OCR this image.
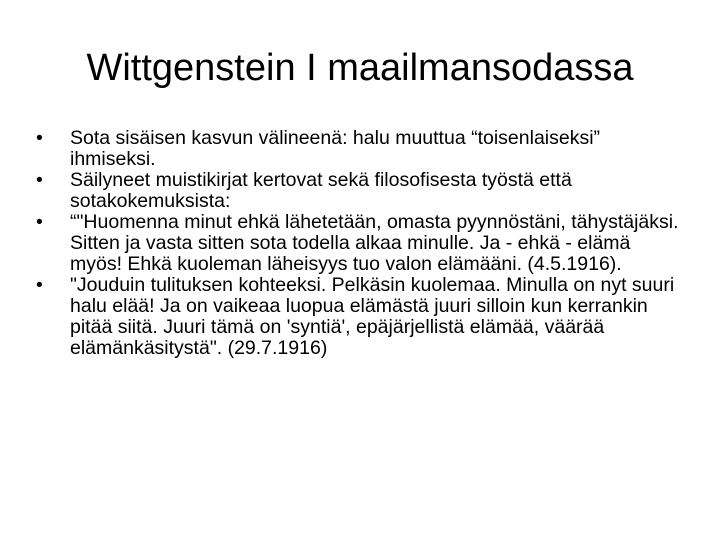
Wittgenstein I maailmansodassa
•	Sota sisäisen kasvun välineenä: halu muuttua “toisenlaiseksi” ihmiseksi.
•	Säilyneet muistikirjat kertovat sekä filosofisesta työstä että sotakokemuksista:
•	“"Huomenna minut ehkä lähetetään, omasta pyynnöstäni, tähystäjäksi. Sitten ja vasta sitten sota todella alkaa minulle. Ja - ehkä - elämä myös! Ehkä kuoleman läheisyys tuo valon elämääni. (4.5.1916).
•	"Jouduin tulituksen kohteeksi. Pelkäsin kuolemaa. Minulla on nyt suuri halu elää! Ja on vaikeaa luopua elämästä juuri silloin kun kerrankin pitää siitä. Juuri tämä on 'syntiä', epäjärjellistä elämää, väärää elämänkäsitystä". (29.7.1916)
